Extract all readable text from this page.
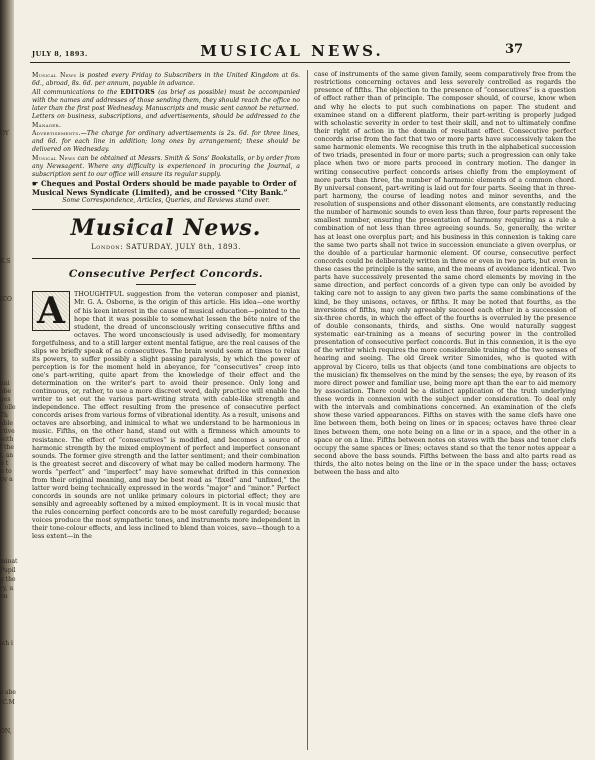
OY
K.S
ICO
uni
obe
ges
Colle
Th
able
ctive
with
f the
l, an
n t
n to
by a
minat
Pupil
g the
ry, u
on
ich i
s abe
(C.M
ON,
JULY 8, 1893.	MUSICAL NEWS.	37

Musical News is posted every Friday to Subscribers in the United Kingdom at 6s. 6d., abroad, 8s. 6d. per annum, payable in advance.

All communications to the EDITORS (as brief as possible) must be accompanied with the names and addresses of those sending them, they should reach the office no later than the first post Wednesday. Manuscripts and music sent cannot be returned.

Letters on business, subscriptions, and advertisements, should be addressed to the Manager.

Advertisements.—The charge for ordinary advertisements is 2s. 6d. for three lines, and 6d. for each line in addition; long ones by arrangement; these should be delivered on Wednesday.

Musical News can be obtained at Messrs. Smith & Sons' Bookstalls, or by order from any Newsagent. Where any difficulty is experienced in procuring the Journal, a subscription sent to our office will ensure its regular supply.

☛ Cheques and Postal Orders should be made payable to Order of Musical News Syndicate (Limited), and be crossed “City Bank.”

Some Correspondence, Articles, Queries, and Reviews stand over.

Musical News.
London: SATURDAY, JULY 8th, 1893.
Consecutive Perfect Concords.
A	THOUGHTFUL suggestion from the veteran composer and pianist, Mr. G. A. Osborne, is the origin of this article. His idea—one worthy of his keen interest in the cause of musical education—pointed to the hope that it was possible to somewhat lessen the bête noire of the student, the dread of unconsciously writing consecutive fifths and octaves. The word unconsciously is used advisedly, for momentary forgetfulness, and to a still larger extent mental fatigue, are the real causes of the slips we briefly speak of as consecutives. The brain would seem at times to relax its powers, to suffer possibly a slight passing paralysis, by which the power of perception is for the moment held in abeyance, for “consecutives” creep into one's part-writing, quite apart from the knowledge of their effect and the determination on the writer's part to avoid their presence. Only long and continuous, or, rather, to use a more discreet word, daily practice will enable the writer to set out the various part-writing strata with cable-like strength and independence. The effect resulting from the presence of consecutive perfect concords arises from various forms of vibrational identity. As a result, unisons and octaves are absorbing, and inimical to what we understand to be harmonious in music. Fifths, on the other hand, stand out with a firmness which amounts to resistance. The effect of “consecutives” is modified, and becomes a source of harmonic strength by the mixed employment of perfect and imperfect consonant sounds. The former give strength and the latter sentiment; and their combination is the greatest secret and discovery of what may be called modern harmony. The words “perfect” and “imperfect” may have somewhat drifted in this connexion from their original meaning, and may be best read as “fixed” and “unfixed,” the latter word being technically expressed in the words “major” and “minor.” Perfect concords in sounds are not unlike primary colours in pictorial effect; they are sensibly and agreeably softened by a mixed employment. It is in vocal music that the rules concerning perfect concords are to be most carefully regarded; because voices produce the most sympathetic tones, and instruments more independent in their tone-colour effects, and less inclined to blend than voices, save—though to a less extent—in the

case of instruments of the same given family, seem comparatively free from the restrictions concerning octaves and less severely controlled as regards the presence of fifths. The objection to the presence of “consecutives” is a question of effect rather than of principle. The composer should, of course, know when and why he elects to put such combinations on paper. The student and examinee stand on a different platform, their part-writing is properly judged with scholastic severity in order to test their skill, and not to ultimately confine their right of action in the domain of resultant effect. Consecutive perfect concords arise from the fact that two or more parts have successively taken the same harmonic elements. We recognise this truth in the alphabetical succession of two triads, presented in four or more parts; such a progression can only take place when two or more parts proceed in contrary motion. The danger in writing consecutive perfect concords arises chiefly from the employment of more parts than three, the number of harmonic elements of a common chord. By universal consent, part-writing is laid out for four parts. Seeing that in three-part harmony, the course of leading notes and minor sevenths, and the resolution of suspensions and other dissonant elements, are constantly reducing the number of harmonic sounds to even less than three, four parts represent the smallest number, ensuring the presentation of harmony requiring as a rule a combination of not less than three agreeing sounds. So, generally, the writer has at least one overplus part; and his business in this connexion is taking care the same two parts shall not twice in succession enunciate a given overplus, or the double of a particular harmonic element. Of course, consecutive perfect concords could be deliberately written in three or even in two parts, but even in these cases the principle is the same, and the means of avoidance identical. Two parts have successively presented the same chord elements by moving in the same direction, and perfect concords of a given type can only be avoided by taking care not to assign to any given two parts the same combinations of the kind, be they unisons, octaves, or fifths. It may be noted that fourths, as the inversions of fifths, may only agreeably succeed each other in a succession of six-three chords, in which the effect of the fourths is overruled by the presence of double consonants, thirds, and sixths. One would naturally suggest systematic ear-training as a means of securing power in the controlled presentation of consecutive perfect concords. But in this connexion, it is the eye of the writer which requires the more considerable training of the two senses of hearing and seeing. The old Greek writer Simonides, who is quoted with approval by Cicero, tells us that objects (and tone combinations are objects to the musician) fix themselves on the mind by the senses; the eye, by reason of its more direct power and familiar use, being more apt than the ear to aid memory by association. There could be a distinct application of the truth underlying these words in connexion with the subject under consideration. To deal only with the intervals and combinations concerned. An examination of the clefs show these varied appearances. Fifths on staves with the same clefs have one line between them, both being on lines or in spaces; octaves have three clear lines between them, one note being on a line or in a space, and the other in a space or on a line. Fifths between notes on staves with the bass and tenor clefs occupy the same spaces or lines; octaves stand so that the tenor notes appear a second above the bass sounds. Fifths between the bass and alto parts read as thirds, the alto notes being on the line or in the space under the bass; octaves between the bass and alto
